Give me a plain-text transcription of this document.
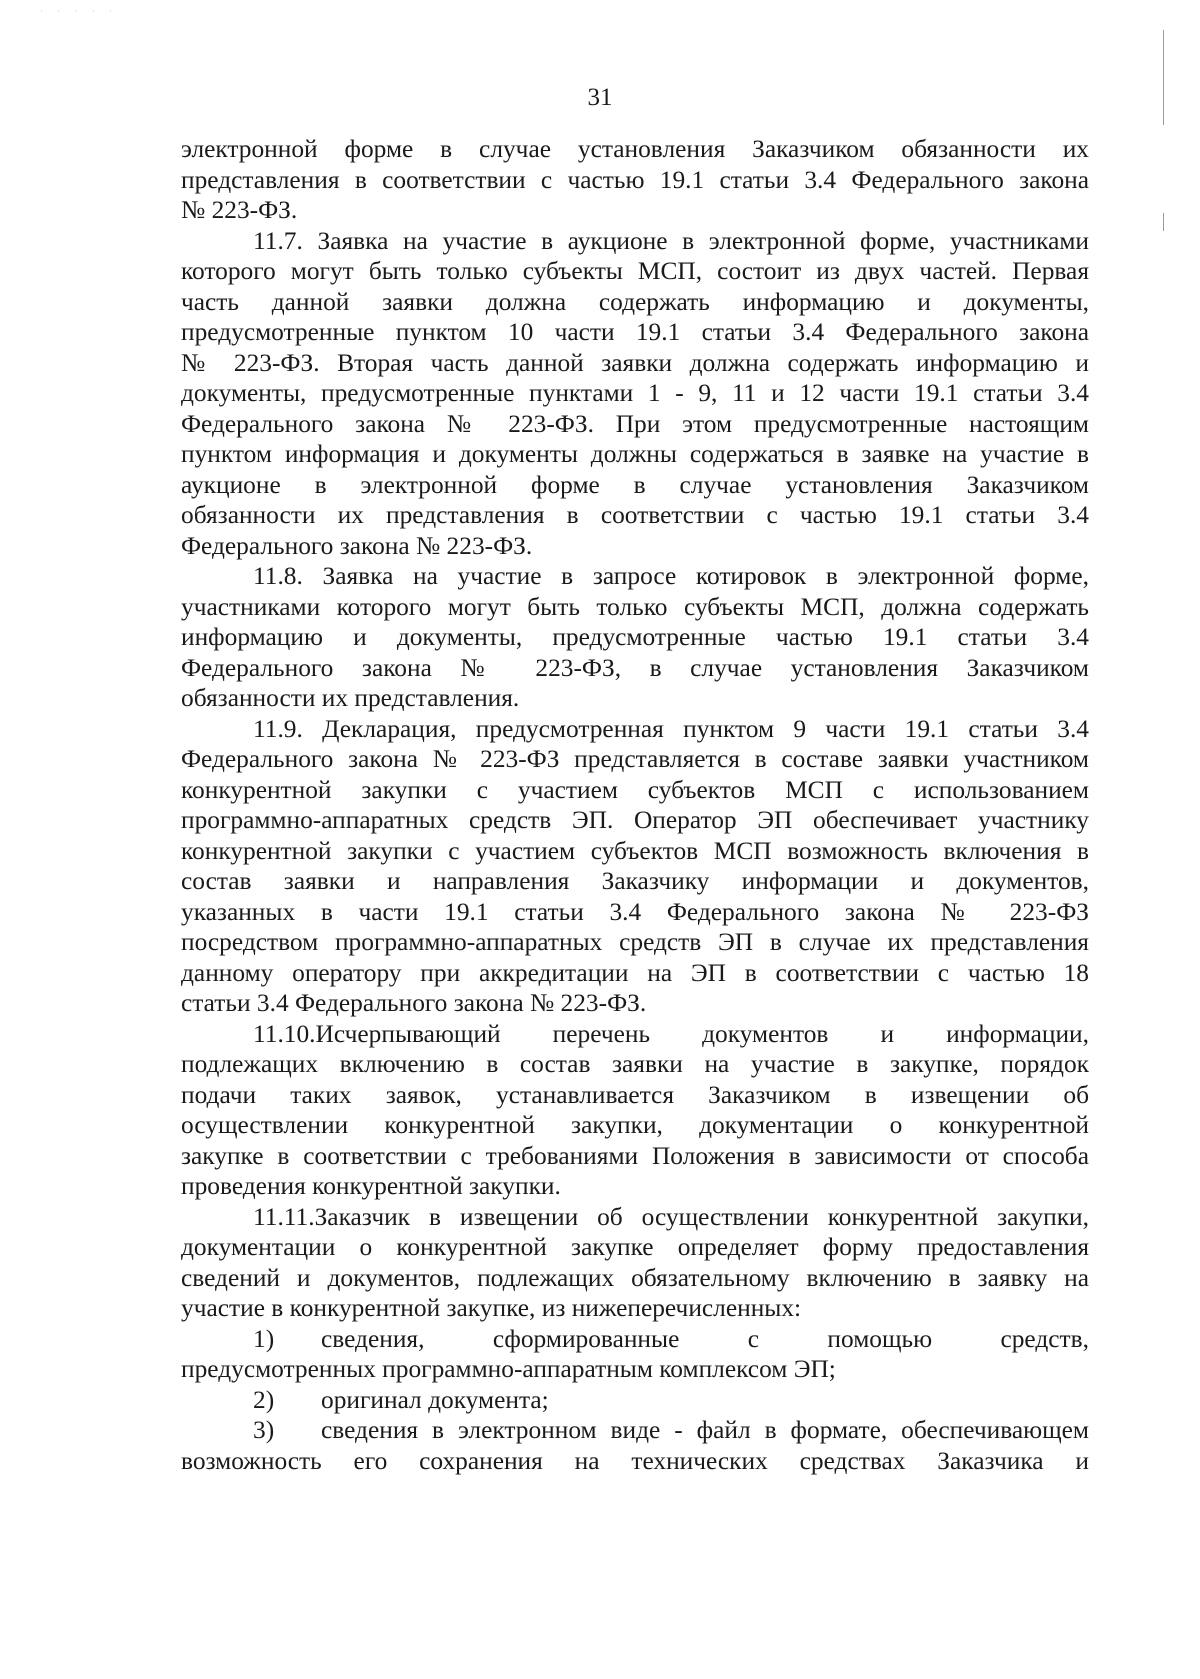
· · · · ·
31
электронной форме в случае установления Заказчиком обязанности их
представления в соответствии с частью 19.1 статьи 3.4 Федерального закона
№ 223-ФЗ.
11.7. Заявка на участие в аукционе в электронной форме, участниками
которого могут быть только субъекты МСП, состоит из двух частей. Первая
часть данной заявки должна содержать информацию и документы,
предусмотренные пунктом 10 части 19.1 статьи 3.4 Федерального закона
№ 223-ФЗ. Вторая часть данной заявки должна содержать информацию и
документы, предусмотренные пунктами 1 - 9, 11 и 12 части 19.1 статьи 3.4
Федерального закона № 223-ФЗ. При этом предусмотренные настоящим
пунктом информация и документы должны содержаться в заявке на участие в
аукционе в электронной форме в случае установления Заказчиком
обязанности их представления в соответствии с частью 19.1 статьи 3.4
Федерального закона № 223-ФЗ.
11.8. Заявка на участие в запросе котировок в электронной форме,
участниками которого могут быть только субъекты МСП, должна содержать
информацию и документы, предусмотренные частью 19.1 статьи 3.4
Федерального закона № 223-ФЗ, в случае установления Заказчиком
обязанности их представления.
11.9. Декларация, предусмотренная пунктом 9 части 19.1 статьи 3.4
Федерального закона № 223-ФЗ представляется в составе заявки участником
конкурентной закупки с участием субъектов МСП с использованием
программно-аппаратных средств ЭП. Оператор ЭП обеспечивает участнику
конкурентной закупки с участием субъектов МСП возможность включения в
состав заявки и направления Заказчику информации и документов,
указанных в части 19.1 статьи 3.4 Федерального закона № 223-ФЗ
посредством программно-аппаратных средств ЭП в случае их представления
данному оператору при аккредитации на ЭП в соответствии с частью 18
статьи 3.4 Федерального закона № 223-ФЗ.
11.10.Исчерпывающий перечень документов и информации,
подлежащих включению в состав заявки на участие в закупке, порядок
подачи таких заявок, устанавливается Заказчиком в извещении об
осуществлении конкурентной закупки, документации о конкурентной
закупке в соответствии с требованиями Положения в зависимости от способа
проведения конкурентной закупки.
11.11.Заказчик в извещении об осуществлении конкурентной закупки,
документации о конкурентной закупке определяет форму предоставления
сведений и документов, подлежащих обязательному включению в заявку на
участие в конкурентной закупке, из нижеперечисленных:
1) сведения, сформированные с помощью средств,
предусмотренных программно-аппаратным комплексом ЭП;
2) оригинал документа;
3) сведения в электронном виде - файл в формате, обеспечивающем
возможность его сохранения на технических средствах Заказчика и
